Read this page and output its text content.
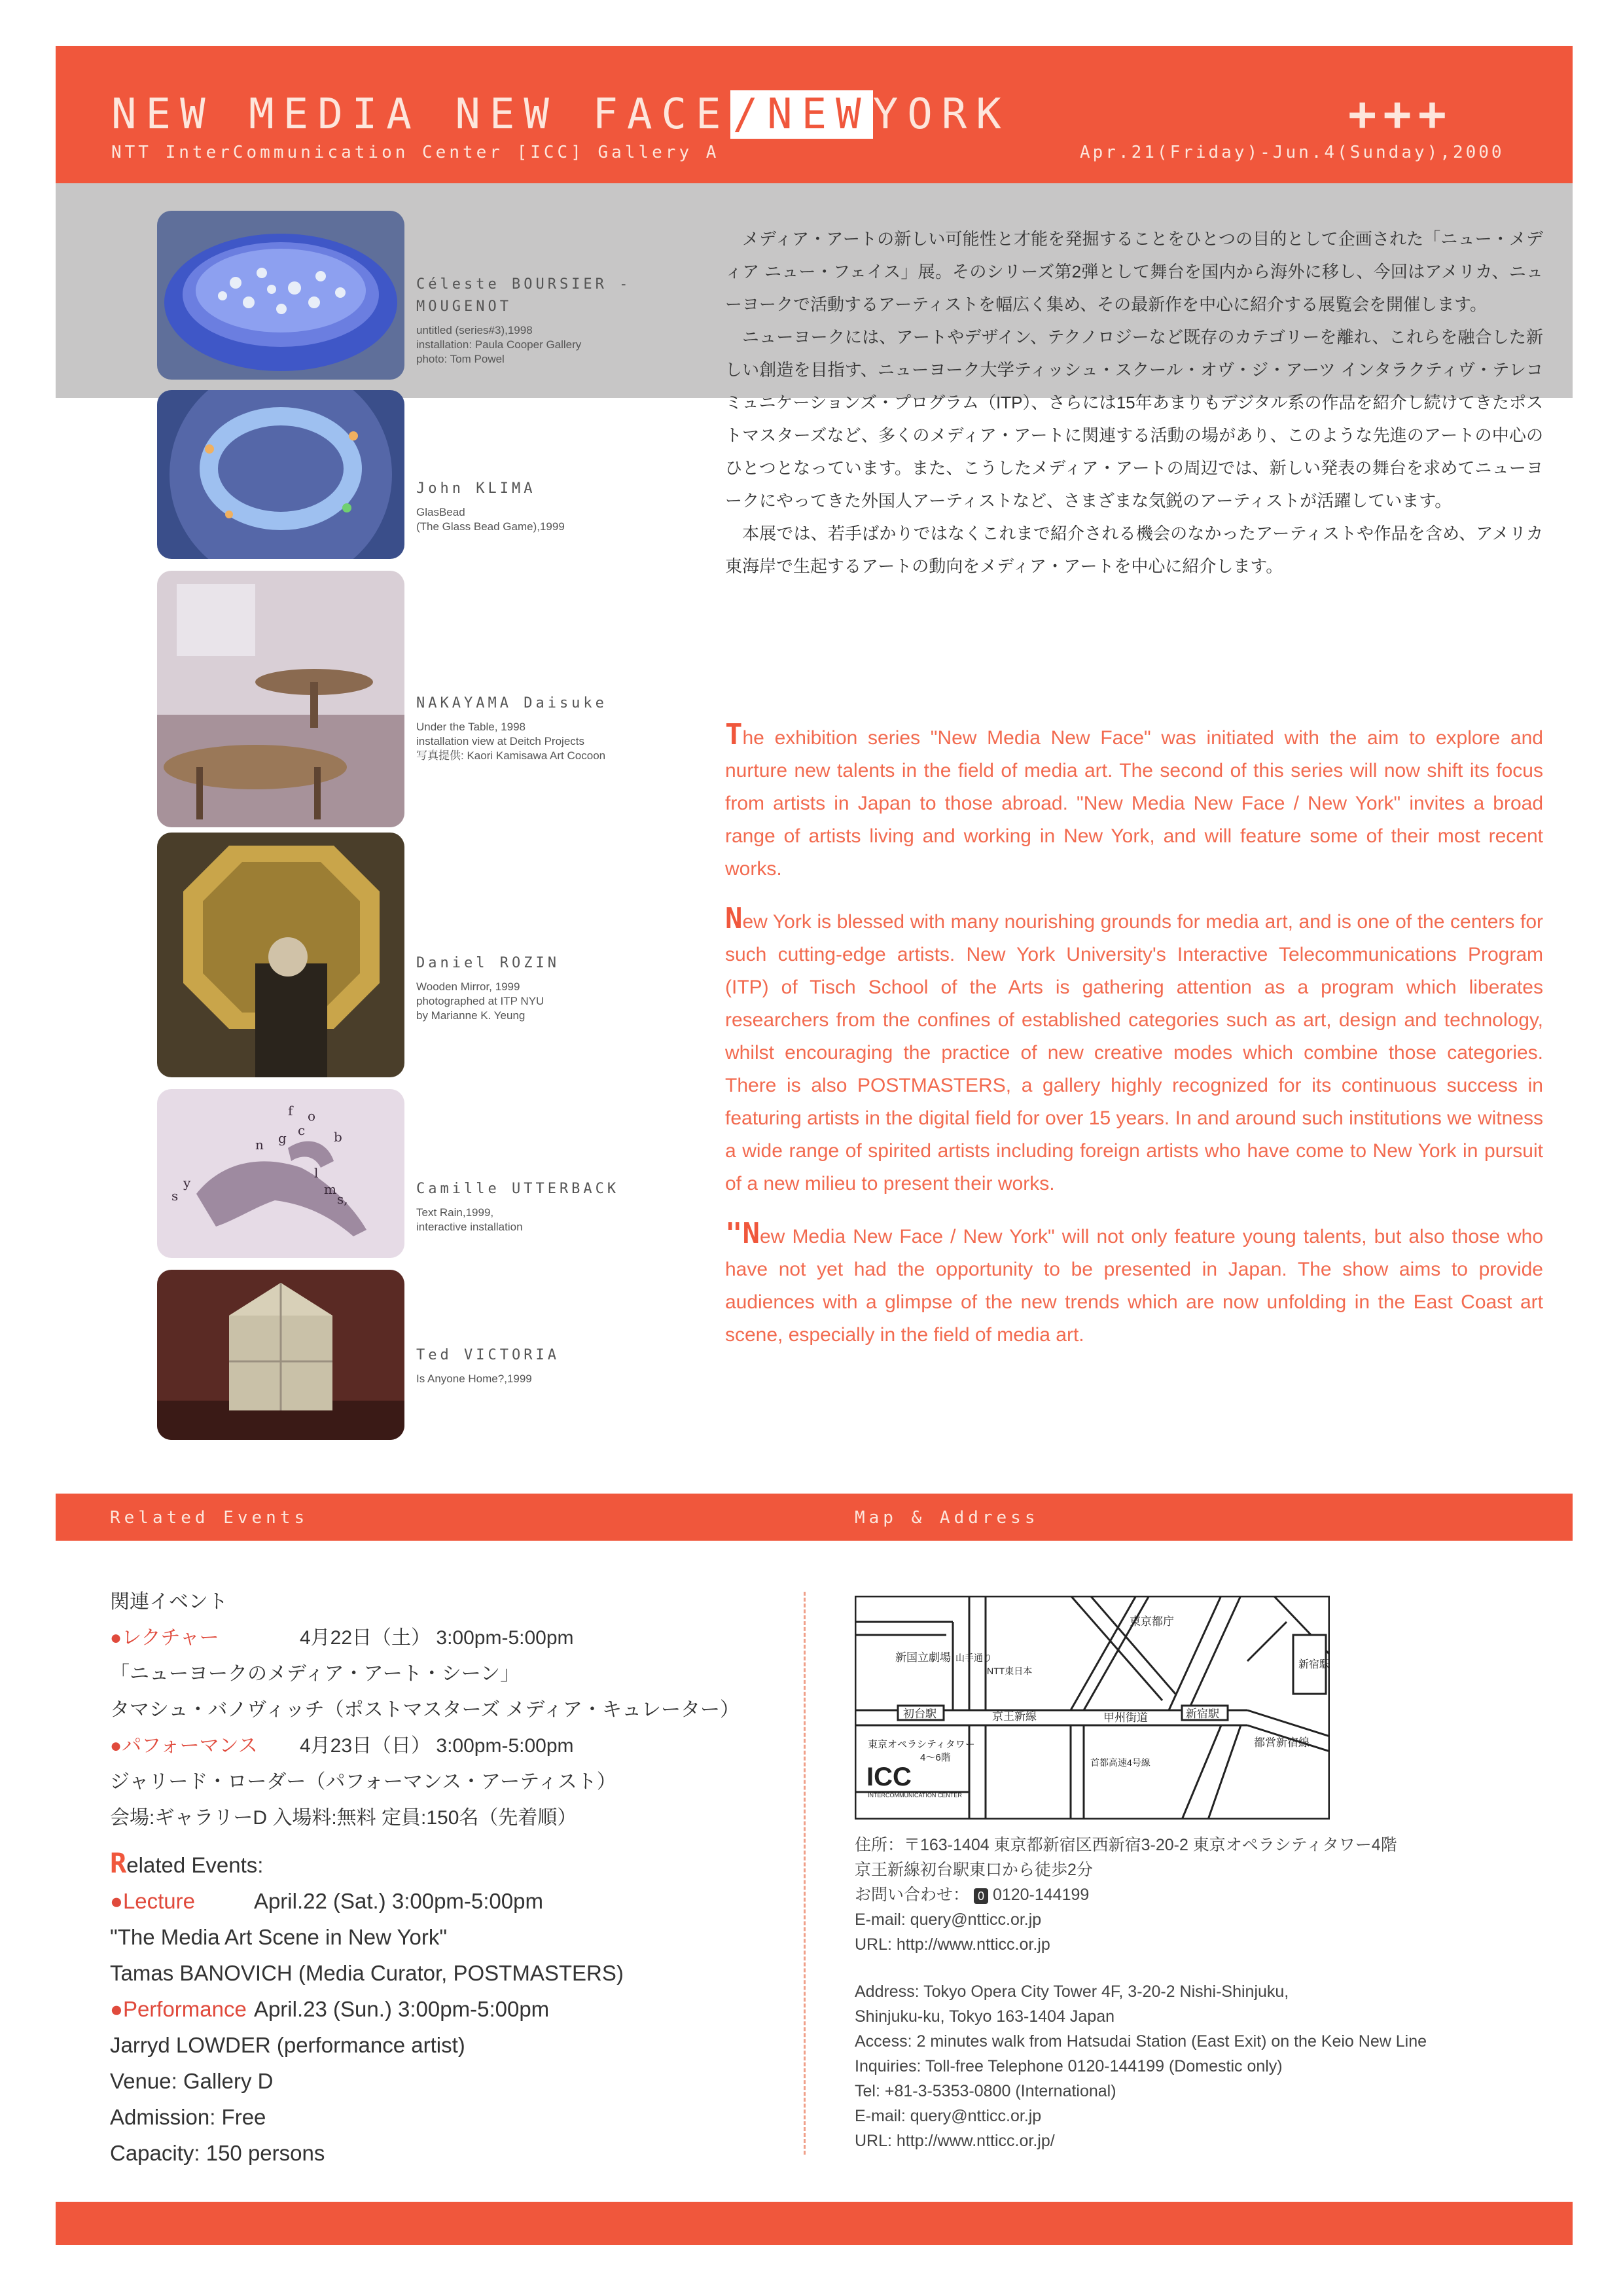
NEW MEDIA NEW FACE/NEWYORK	+++
NTT InterCommunication Center [ICC] Gallery A	Apr.21(Friday)-Jun.4(Sunday),2000
Céleste BOURSIER -MOUGENOT
untitled (series#3),1998
installation: Paula Cooper Gallery
photo: Tom Powel
John KLIMA
GlasBead
(The Glass Bead Game),1999
NAKAYAMA Daisuke
Under the Table, 1998
installation view at Deitch Projects
写真提供: Kaori Kamisawa Art Cocoon
Daniel ROZIN
Wooden Mirror, 1999
photographed at ITP NYU
by Marianne K. Yeung
f o
c
g
n	b
y
s
l
s,
m	Camille UTTERBACK
Text Rain,1999,
interactive installation
Ted VICTORIA
Is Anyone Home?,1999

メディア・アートの新しい可能性と才能を発掘することをひとつの目的として企画された「ニュー・メディア ニュー・フェイス」展。そのシリーズ第2弾として舞台を国内から海外に移し、今回はアメリカ、ニューヨークで活動するアーティストを幅広く集め、その最新作を中心に紹介する展覧会を開催します。

ニューヨークには、アートやデザイン、テクノロジーなど既存のカテゴリーを離れ、これらを融合した新しい創造を目指す、ニューヨーク大学ティッシュ・スクール・オヴ・ジ・アーツ インタラクティヴ・テレコミュニケーションズ・プログラム（ITP）、さらには15年あまりもデジタル系の作品を紹介し続けてきたポストマスターズなど、多くのメディア・アートに関連する活動の場があり、このような先進のアートの中心のひとつとなっています。また、こうしたメディア・アートの周辺では、新しい発表の舞台を求めてニューヨークにやってきた外国人アーティストなど、さまざまな気鋭のアーティストが活躍しています。

本展では、若手ばかりではなくこれまで紹介される機会のなかったアーティストや作品を含め、アメリカ東海岸で生起するアートの動向をメディア・アートを中心に紹介します。

The exhibition series "New Media New Face" was initiated with the aim to explore and nurture new talents in the field of media art. The second of this series will now shift its focus from artists in Japan to those abroad. "New Media New Face / New York" invites a broad range of artists living and working in New York, and will feature some of their most recent works.

New York is blessed with many nourishing grounds for media art, and is one of the centers for such cutting-edge artists. New York University's Interactive Telecommunications Program (ITP) of Tisch School of the Arts is gathering attention as a program which liberates researchers from the confines of established categories such as art, design and technology, whilst encouraging the practice of new creative modes which combine those categories. There is also POSTMASTERS, a gallery highly recognized for its continuous success in featuring artists in the digital field for over 15 years. In and around such institutions we witness a wide range of spirited artists including foreign artists who have come to New York in pursuit of a new milieu to present their works.

"New Media New Face / New York" will not only feature young talents, but also those who have not yet had the opportunity to be presented in Japan. The show aims to provide audiences with a glimpse of the new trends which are now unfolding in the East Coast art scene, especially in the field of media art.

Related Events	Map & Address
関連イベント
●レクチャー	4月22日（土） 3:00pm-5:00pm
「ニューヨークのメディア・アート・シーン」
タマシュ・バノヴィッチ（ポストマスターズ メディア・キュレーター）
●パフォーマンス 4月23日（日） 3:00pm-5:00pm
ジャリード・ローダー（パフォーマンス・アーティスト）
会場:ギャラリーD 入場料:無料 定員:150名（先着順）
Related Events:
●Lecture	April.22 (Sat.) 3:00pm-5:00pm
"The Media Art Scene in New York"
Tamas BANOVICH (Media Curator, POSTMASTERS)
●Performance April.23 (Sun.) 3:00pm-5:00pm
Jarryd LOWDER (performance artist)
Venue: Gallery D
Admission: Free
Capacity: 150 persons
東京都庁
新宿駅
新国立劇場 山手通り
NTT東日本
初台駅	京王新線	甲州街道	新宿駅
都営新宿線
東京オペラシティタワー
4〜6階	首都高速4号線
ICC
INTERCOMMUNICATION CENTER
住所：〒163-1404 東京都新宿区西新宿3-20-2 東京オペラシティタワー4階
京王新線初台駅東口から徒歩2分
お問い合わせ： 0 0120-144199
E-mail: query@ntticc.or.jp
URL: http://www.ntticc.or.jp
Address: Tokyo Opera City Tower 4F, 3-20-2 Nishi-Shinjuku,
Shinjuku-ku, Tokyo 163-1404 Japan
Access: 2 minutes walk from Hatsudai Station (East Exit) on the Keio New Line
Inquiries: Toll-free Telephone 0120-144199 (Domestic only)
Tel: +81-3-5353-0800 (International)
E-mail: query@ntticc.or.jp
URL: http://www.ntticc.or.jp/
